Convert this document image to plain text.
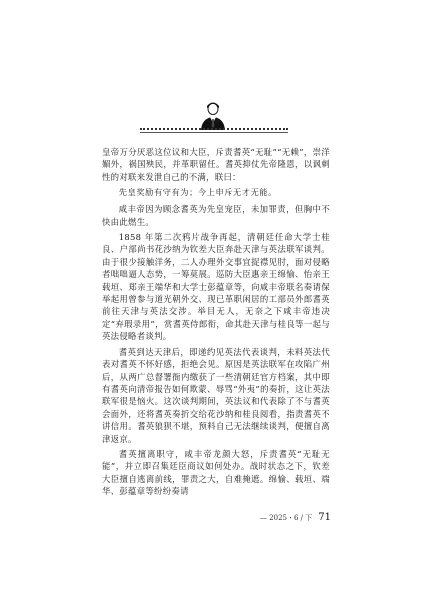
人 物

皇帝万分厌恶这位议和大臣，斥责耆英“无耻”“无赖”，崇洋媚外，祸国殃民，并革职留任。耆英抑仗先帝隆恩，以讽刺性的对联来发泄自己的不满，联曰：

先皇奖励有守有为；今上申斥无才无能。

咸丰帝因为顾念耆英为先皇宠臣，未加罪责，但胸中不快由此燃生。

1858 年第二次鸦片战争再起，清朝廷任命大学士桂良、户部尚书花沙纳为钦差大臣奔赴天津与英法联军谈判。由于很少接触洋务，二人办理外交事宜捉襟见肘，面对侵略者咄咄逼人态势，一筹莫展。巡防大臣惠亲王绵愉、怡亲王载垣、郑亲王端华和大学士彭蕴章等，向咸丰帝联名奏请保举起用曾参与道光朝外交、现已革职闲居的工部员外郎耆英前往天津与英法交涉。举目无人，无奈之下咸丰帝违决定“弃瑕录用”，赏耆英侍郎衔，命其赴天津与桂良等一起与英法侵略者谈判。

耆英到达天津后，即递约见英法代表谈判，未料英法代表对耆英不怀好感，拒绝会见。原因是英法联军在攻陷广州后，从两广总督署衙内缴获了一些清朝廷官方档案，其中即有耆英向清帝报告如何欺蒙、辱骂“外夷”的奏折，这让英法联军很是恼火。这次谈判期间，英法议和代表除了不与耆英会面外，还将耆英奏折交给花沙纳和桂良阅看，指责耆英不讲信用。耆英狼狈不堪，预料自己无法继续谈判，便擅自离津返京。

耆英擅离职守，咸丰帝龙颜大怒，斥责耆英“无耻无能”，并立即召集廷臣商议如何处办。战时状态之下，钦差大臣擅自逃离前线，罪责之大，自难掩遮。绵愉、载垣、端华、彭蕴章等纷纷奏请

— 2025・6 / 下 71
